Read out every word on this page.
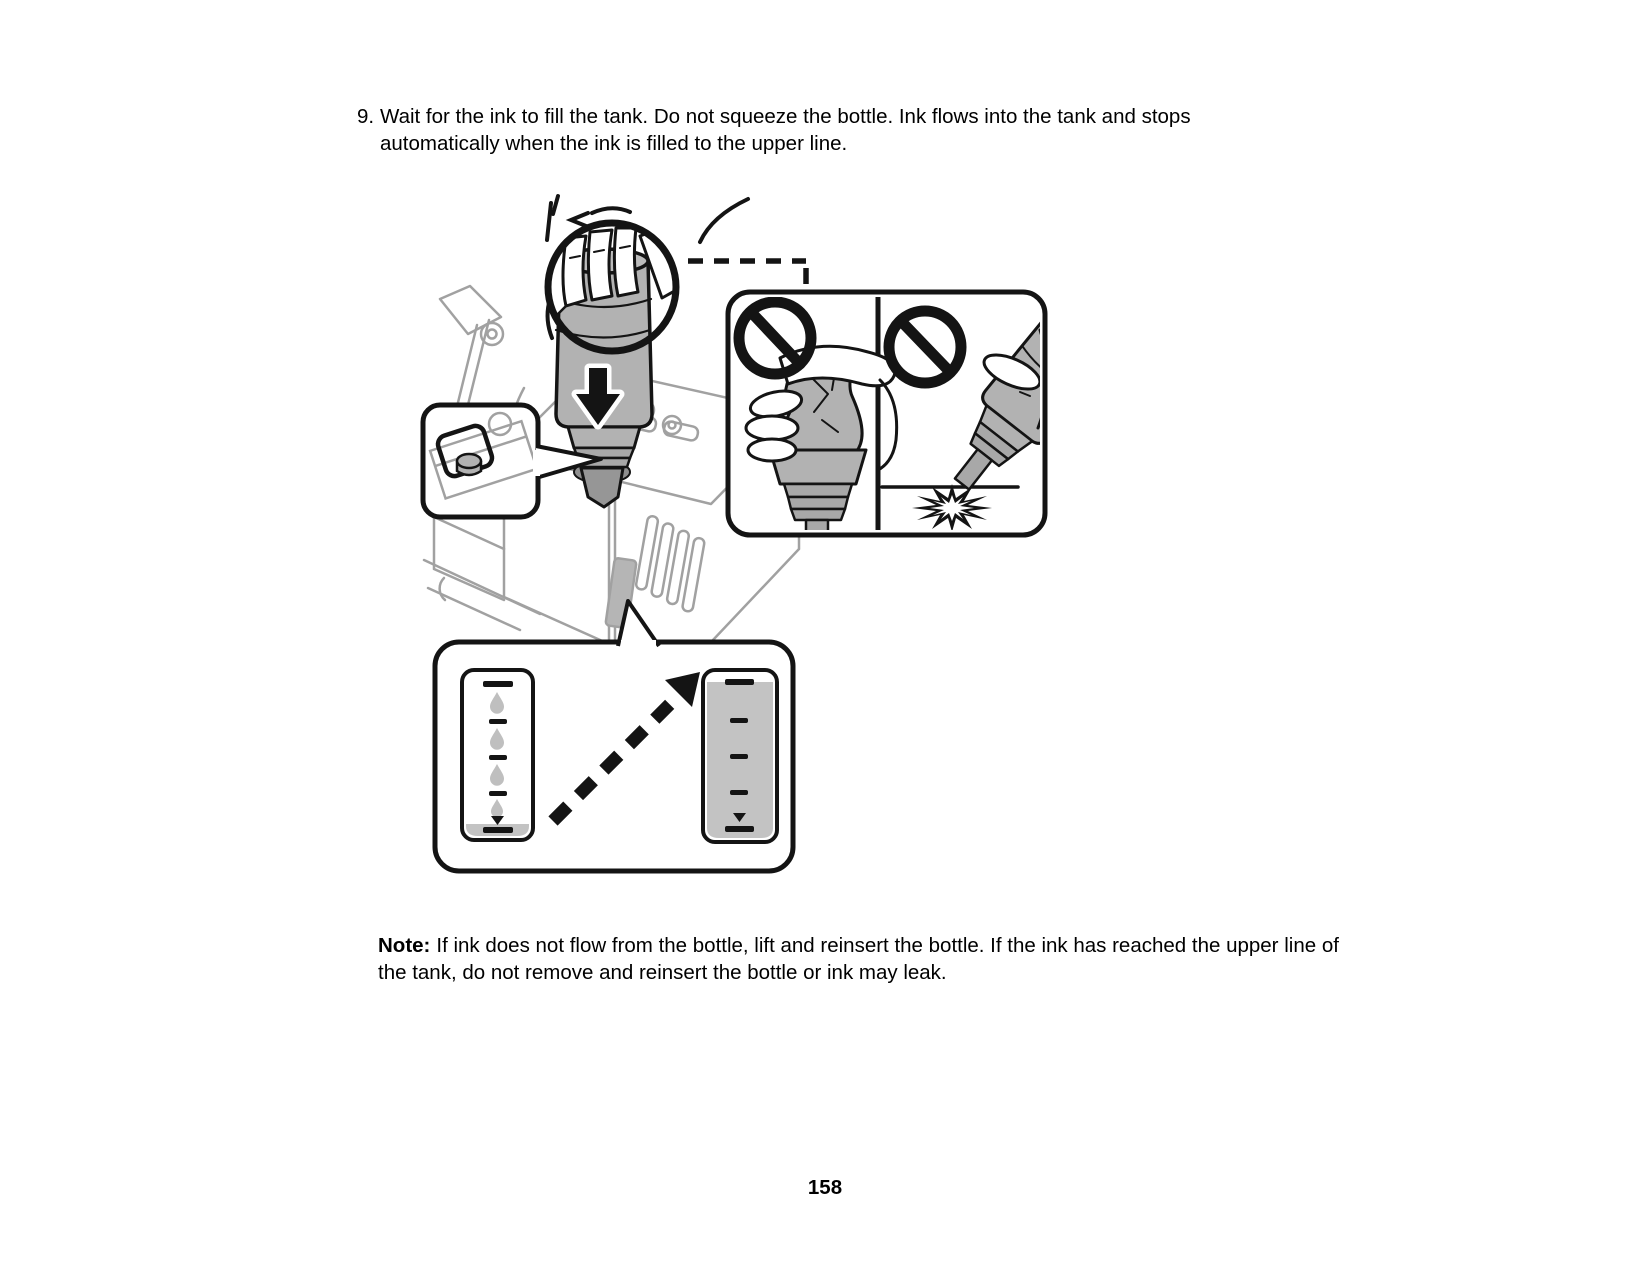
9. Wait for the ink to fill the tank. Do not squeeze the bottle. Ink flows into the tank and stops automatically when the ink is filled to the upper line.
Note: If ink does not flow from the bottle, lift and reinsert the bottle. If the ink has reached the upper line of the tank, do not remove and reinsert the bottle or ink may leak.
158
